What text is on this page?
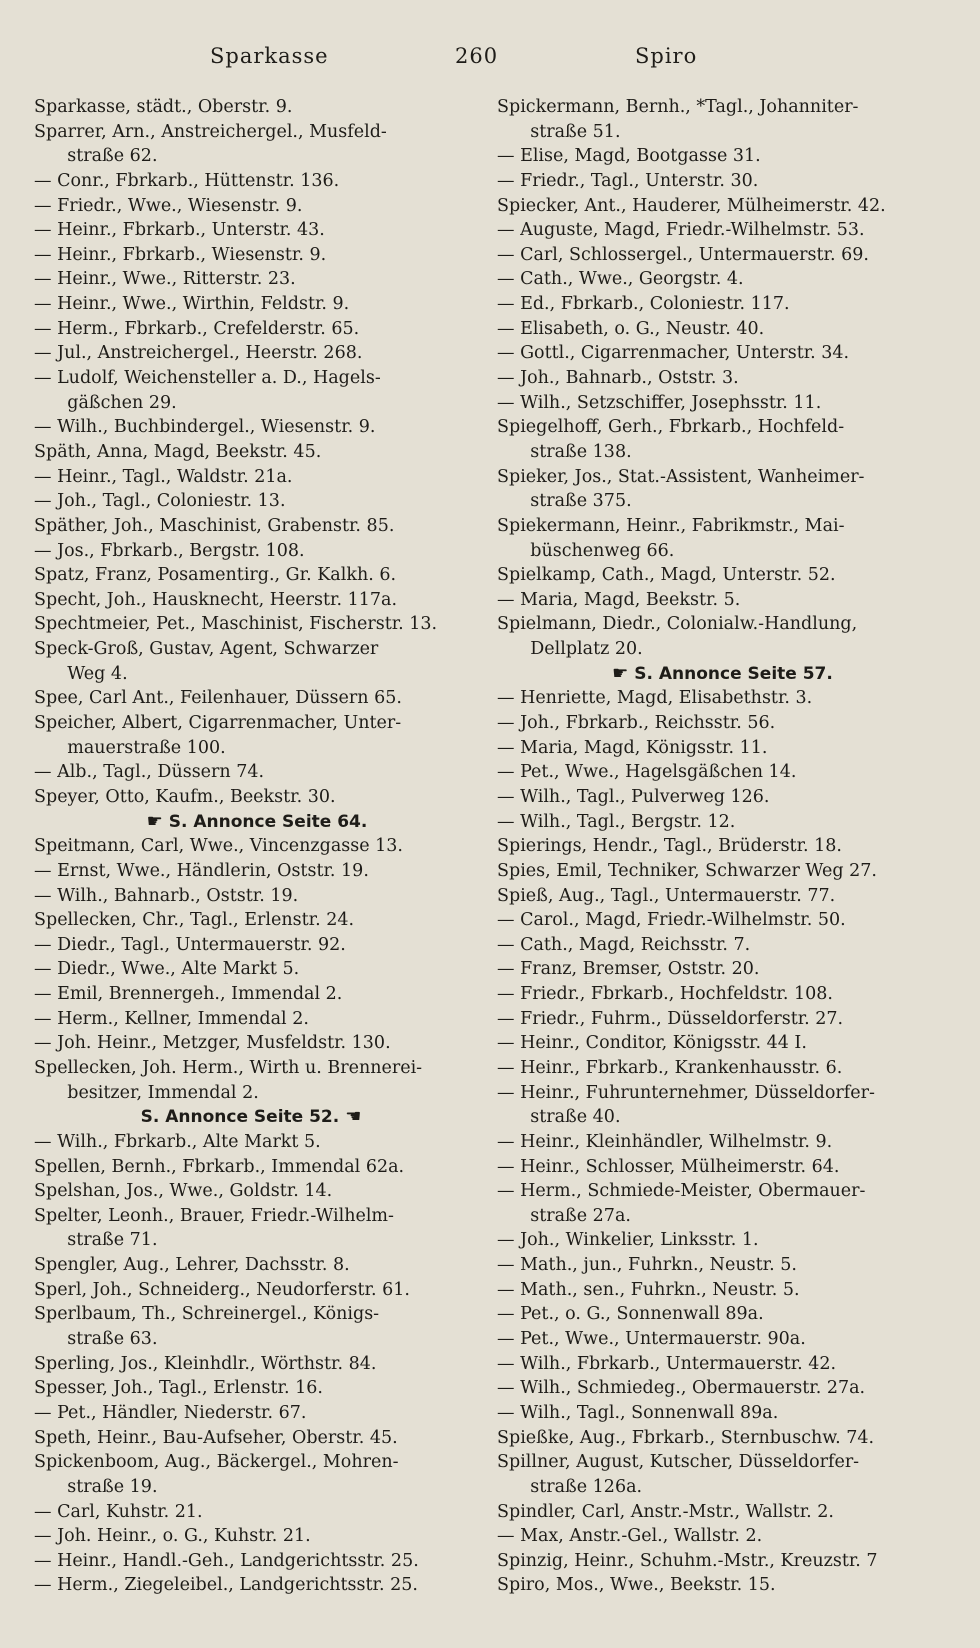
Sparkasse	260	Spiro
Sparkasse, städt., Oberstr. 9.
Sparrer, Arn., Anstreichergel., Musfeld-
straße 62.
— Conr., Fbrkarb., Hüttenstr. 136.
— Friedr., Wwe., Wiesenstr. 9.
— Heinr., Fbrkarb., Unterstr. 43.
— Heinr., Fbrkarb., Wiesenstr. 9.
— Heinr., Wwe., Ritterstr. 23.
— Heinr., Wwe., Wirthin, Feldstr. 9.
— Herm., Fbrkarb., Crefelderstr. 65.
— Jul., Anstreichergel., Heerstr. 268.
— Ludolf, Weichensteller a. D., Hagels-
gäßchen 29.
— Wilh., Buchbindergel., Wiesenstr. 9.
Späth, Anna, Magd, Beekstr. 45.
— Heinr., Tagl., Waldstr. 21a.
— Joh., Tagl., Coloniestr. 13.
Späther, Joh., Maschinist, Grabenstr. 85.
— Jos., Fbrkarb., Bergstr. 108.
Spatz, Franz, Posamentirg., Gr. Kalkh. 6.
Specht, Joh., Hausknecht, Heerstr. 117a.
Spechtmeier, Pet., Maschinist, Fischerstr. 13.
Speck-Groß, Gustav, Agent, Schwarzer
Weg 4.
Spee, Carl Ant., Feilenhauer, Düssern 65.
Speicher, Albert, Cigarrenmacher, Unter-
mauerstraße 100.
— Alb., Tagl., Düssern 74.
Speyer, Otto, Kaufm., Beekstr. 30.
☛ S. Annonce Seite 64.
Speitmann, Carl, Wwe., Vincenzgasse 13.
— Ernst, Wwe., Händlerin, Oststr. 19.
— Wilh., Bahnarb., Oststr. 19.
Spellecken, Chr., Tagl., Erlenstr. 24.
— Diedr., Tagl., Untermauerstr. 92.
— Diedr., Wwe., Alte Markt 5.
— Emil, Brennergeh., Immendal 2.
— Herm., Kellner, Immendal 2.
— Joh. Heinr., Metzger, Musfeldstr. 130.
Spellecken, Joh. Herm., Wirth u. Brennerei-
besitzer, Immendal 2.
S. Annonce Seite 52. ☚
— Wilh., Fbrkarb., Alte Markt 5.
Spellen, Bernh., Fbrkarb., Immendal 62a.
Spelshan, Jos., Wwe., Goldstr. 14.
Spelter, Leonh., Brauer, Friedr.-Wilhelm-
straße 71.
Spengler, Aug., Lehrer, Dachsstr. 8.
Sperl, Joh., Schneiderg., Neudorferstr. 61.
Sperlbaum, Th., Schreinergel., Königs-
straße 63.
Sperling, Jos., Kleinhdlr., Wörthstr. 84.
Spesser, Joh., Tagl., Erlenstr. 16.
— Pet., Händler, Niederstr. 67.
Speth, Heinr., Bau-Aufseher, Oberstr. 45.
Spickenboom, Aug., Bäckergel., Mohren-
straße 19.
— Carl, Kuhstr. 21.
— Joh. Heinr., o. G., Kuhstr. 21.
— Heinr., Handl.-Geh., Landgerichtsstr. 25.
— Herm., Ziegeleibel., Landgerichtsstr. 25.
Spickermann, Bernh., *Tagl., Johanniter-
straße 51.
— Elise, Magd, Bootgasse 31.
— Friedr., Tagl., Unterstr. 30.
Spiecker, Ant., Hauderer, Mülheimerstr. 42.
— Auguste, Magd, Friedr.-Wilhelmstr. 53.
— Carl, Schlossergel., Untermauerstr. 69.
— Cath., Wwe., Georgstr. 4.
— Ed., Fbrkarb., Coloniestr. 117.
— Elisabeth, o. G., Neustr. 40.
— Gottl., Cigarrenmacher, Unterstr. 34.
— Joh., Bahnarb., Oststr. 3.
— Wilh., Setzschiffer, Josephsstr. 11.
Spiegelhoff, Gerh., Fbrkarb., Hochfeld-
straße 138.
Spieker, Jos., Stat.-Assistent, Wanheimer-
straße 375.
Spiekermann, Heinr., Fabrikmstr., Mai-
büschenweg 66.
Spielkamp, Cath., Magd, Unterstr. 52.
— Maria, Magd, Beekstr. 5.
Spielmann, Diedr., Colonialw.-Handlung,
Dellplatz 20.
☛ S. Annonce Seite 57.
— Henriette, Magd, Elisabethstr. 3.
— Joh., Fbrkarb., Reichsstr. 56.
— Maria, Magd, Königsstr. 11.
— Pet., Wwe., Hagelsgäßchen 14.
— Wilh., Tagl., Pulverweg 126.
— Wilh., Tagl., Bergstr. 12.
Spierings, Hendr., Tagl., Brüderstr. 18.
Spies, Emil, Techniker, Schwarzer Weg 27.
Spieß, Aug., Tagl., Untermauerstr. 77.
— Carol., Magd, Friedr.-Wilhelmstr. 50.
— Cath., Magd, Reichsstr. 7.
— Franz, Bremser, Oststr. 20.
— Friedr., Fbrkarb., Hochfeldstr. 108.
— Friedr., Fuhrm., Düsseldorferstr. 27.
— Heinr., Conditor, Königsstr. 44 I.
— Heinr., Fbrkarb., Krankenhausstr. 6.
— Heinr., Fuhrunternehmer, Düsseldorfer-
straße 40.
— Heinr., Kleinhändler, Wilhelmstr. 9.
— Heinr., Schlosser, Mülheimerstr. 64.
— Herm., Schmiede-Meister, Obermauer-
straße 27a.
— Joh., Winkelier, Linksstr. 1.
— Math., jun., Fuhrkn., Neustr. 5.
— Math., sen., Fuhrkn., Neustr. 5.
— Pet., o. G., Sonnenwall 89a.
— Pet., Wwe., Untermauerstr. 90a.
— Wilh., Fbrkarb., Untermauerstr. 42.
— Wilh., Schmiedeg., Obermauerstr. 27a.
— Wilh., Tagl., Sonnenwall 89a.
Spießke, Aug., Fbrkarb., Sternbuschw. 74.
Spillner, August, Kutscher, Düsseldorfer-
straße 126a.
Spindler, Carl, Anstr.-Mstr., Wallstr. 2.
— Max, Anstr.-Gel., Wallstr. 2.
Spinzig, Heinr., Schuhm.-Mstr., Kreuzstr. 7
Spiro, Mos., Wwe., Beekstr. 15.
